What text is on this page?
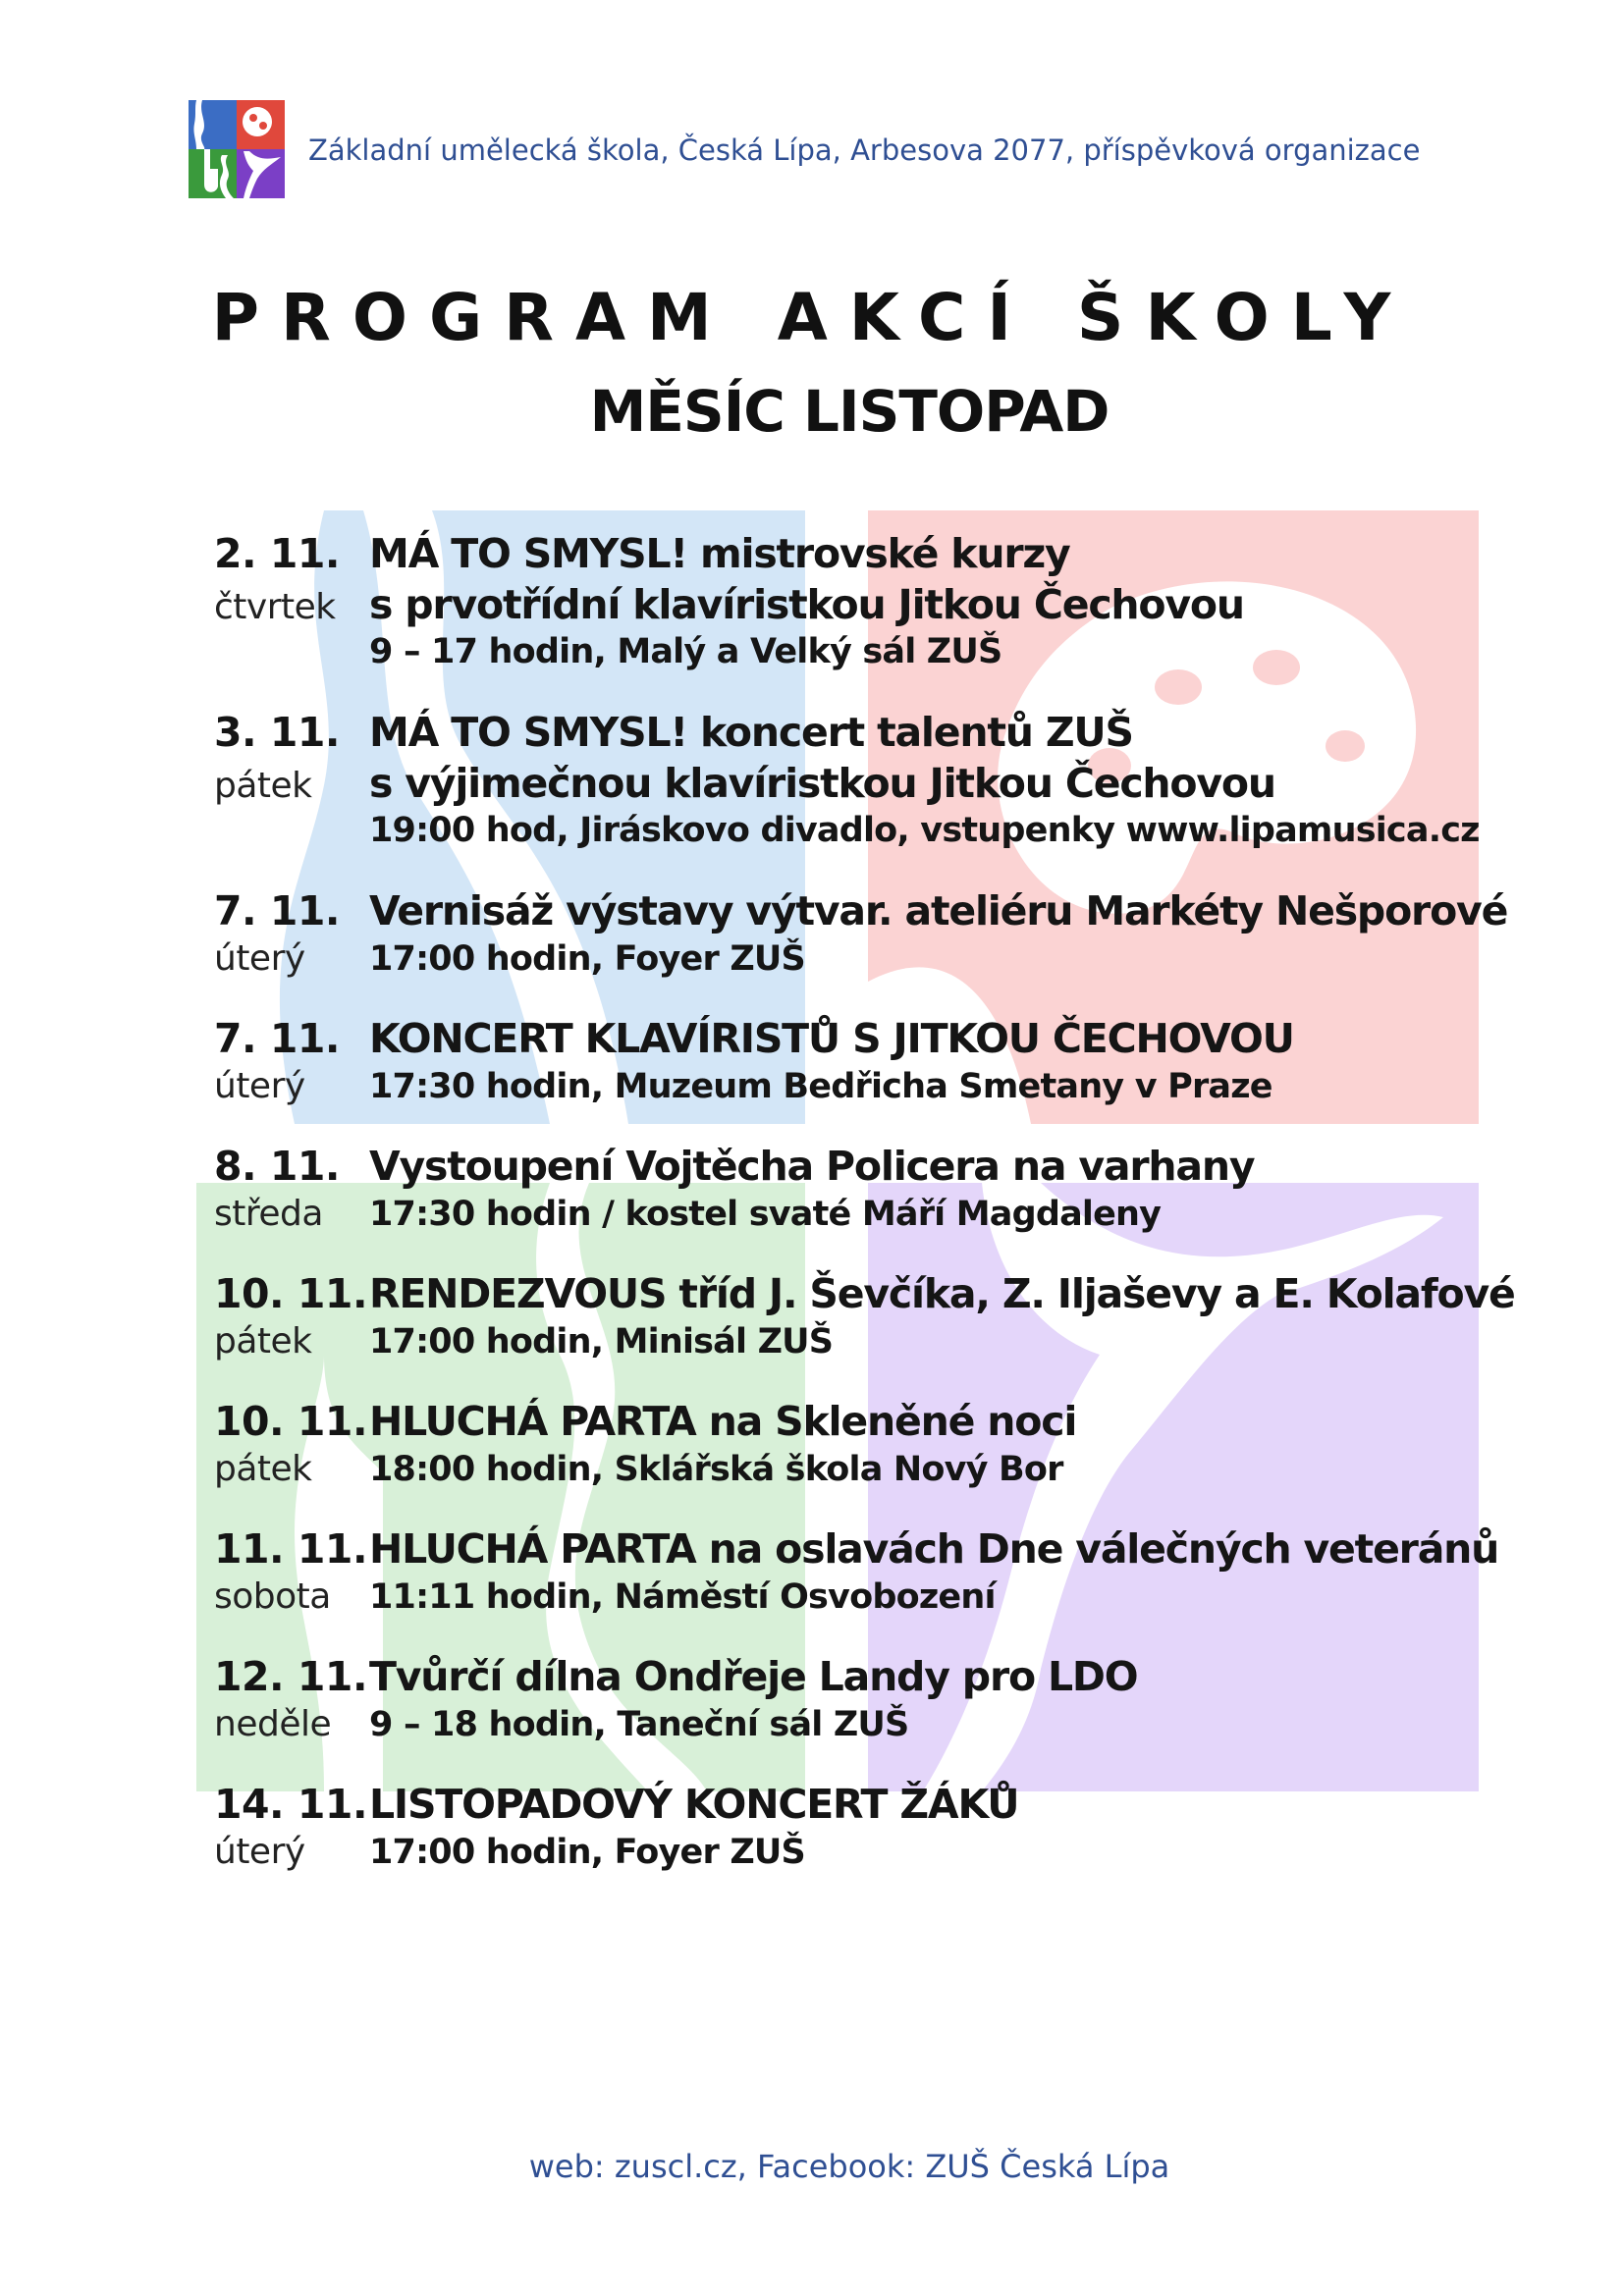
Základní umělecká škola, Česká Lípa, Arbesova 2077, příspěvková organizace
PROGRAM AKCÍ ŠKOLY
MĚSÍC LISTOPAD
2. 11. MÁ TO SMYSL! mistrovské kurzy
čtvrtek s prvotřídní klavíristkou Jitkou Čechovou
9 – 17 hodin, Malý a Velký sál ZUŠ
3. 11. MÁ TO SMYSL! koncert talentů ZUŠ
pátek	s výjimečnou klavíristkou Jitkou Čechovou
19:00 hod, Jiráskovo divadlo, vstupenky www.lipamusica.cz
7. 11. Vernisáž výstavy výtvar. ateliéru Markéty Nešporové
úterý	17:00 hodin, Foyer ZUŠ
7. 11. KONCERT KLAVÍRISTŮ S JITKOU ČECHOVOU
úterý	17:30 hodin, Muzeum Bedřicha Smetany v Praze
8. 11. Vystoupení Vojtěcha Policera na varhany
středa	17:30 hodin / kostel svaté Máří Magdaleny
10. 11. RENDEZVOUS tříd J. Ševčíka, Z. Iljaševy a E. Kolafové
pátek	17:00 hodin, Minisál ZUŠ
10. 11. HLUCHÁ PARTA na Skleněné noci
pátek	18:00 hodin, Sklářská škola Nový Bor
11. 11. HLUCHÁ PARTA na oslavách Dne válečných veteránů
sobota	11:11 hodin, Náměstí Osvobození
12. 11. Tvůrčí dílna Ondřeje Landy pro LDO
neděle	9 – 18 hodin, Taneční sál ZUŠ
14. 11. LISTOPADOVÝ KONCERT ŽÁKŮ
úterý	17:00 hodin, Foyer ZUŠ
web: zuscl.cz, Facebook: ZUŠ Česká Lípa
